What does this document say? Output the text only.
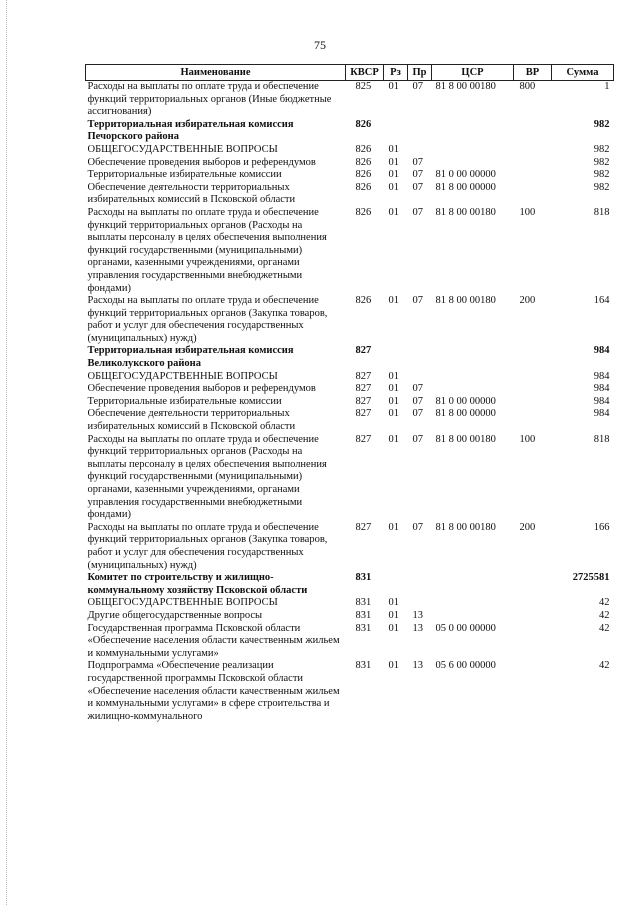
75
Наименование	КВСР	Рз	Пр	ЦСР	ВР	Сумма
Расходы на выплаты по оплате труда и обеспечение функций территориальных органов (Иные бюджетные ассигнования)	825	01	07	81 8 00 00180	800	1
Территориальная избирательная комиссия Печорского района	826					982
ОБЩЕГОСУДАРСТВЕННЫЕ ВОПРОСЫ	826	01				982
Обеспечение проведения выборов и референдумов	826	01	07			982
Территориальные избирательные комиссии	826	01	07	81 0 00 00000		982
Обеспечение деятельности территориальных избирательных комиссий в Псковской области	826	01	07	81 8 00 00000		982
Расходы на выплаты по оплате труда и обеспечение функций территориальных органов (Расходы на выплаты персоналу в целях обеспечения выполнения функций государственными (муниципальными) органами, казенными учреждениями, органами управления государственными внебюджетными фондами)	826	01	07	81 8 00 00180	100	818
Расходы на выплаты по оплате труда и обеспечение функций территориальных органов (Закупка товаров, работ и услуг для обеспечения государственных (муниципальных) нужд)	826	01	07	81 8 00 00180	200	164
Территориальная избирательная комиссия Великолукского района	827					984
ОБЩЕГОСУДАРСТВЕННЫЕ ВОПРОСЫ	827	01				984
Обеспечение проведения выборов и референдумов	827	01	07			984
Территориальные избирательные комиссии	827	01	07	81 0 00 00000		984
Обеспечение деятельности территориальных избирательных комиссий в Псковской области	827	01	07	81 8 00 00000		984
Расходы на выплаты по оплате труда и обеспечение функций территориальных органов (Расходы на выплаты персоналу в целях обеспечения выполнения функций государственными (муниципальными) органами, казенными учреждениями, органами управления государственными внебюджетными фондами)	827	01	07	81 8 00 00180	100	818
Расходы на выплаты по оплате труда и обеспечение функций территориальных органов (Закупка товаров, работ и услуг для обеспечения государственных (муниципальных) нужд)	827	01	07	81 8 00 00180	200	166
Комитет по строительству и жилищно-коммунальному хозяйству Псковской области	831					2725581
ОБЩЕГОСУДАРСТВЕННЫЕ ВОПРОСЫ	831	01				42
Другие общегосударственные вопросы	831	01	13			42
Государственная программа Псковской области «Обеспечение населения области качественным жильем и коммунальными услугами»	831	01	13	05 0 00 00000		42
Подпрограмма «Обеспечение реализации государственной программы Псковской области «Обеспечение населения области качественным жильем и коммунальными услугами» в сфере строительства и жилищно-коммунального	831	01	13	05 6 00 00000		42
